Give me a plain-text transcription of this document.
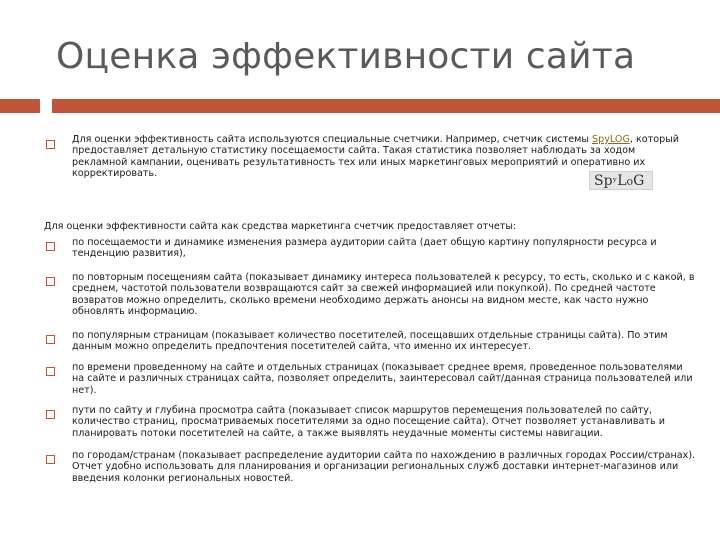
Оценка эффективности сайта
Для оценки эффективность сайта используются специальные счетчики. Например, счетчик системы SpyLOG, который предоставляет детальную статистику посещаемости сайта. Такая статистика позволяет наблюдать за ходом рекламной кампании, оценивать результативность тех или иных маркетинговых мероприятий и оперативно их корректировать.	SpʸLoG
Для оценки эффективности сайта как средства маркетинга счетчик предоставляет отчеты:
по посещаемости и динамике изменения размера аудитории сайта (дает общую картину популярности ресурса и тенденцию развития),
по повторным посещениям сайта (показывает динамику интереса пользователей к ресурсу, то есть, сколько и с какой, в среднем, частотой пользователи возвращаются сайт за свежей информацией или покупкой). По средней частоте возвратов можно определить, сколько времени необходимо держать анонсы на видном месте, как часто нужно обновлять информацию.
по популярным страницам (показывает количество посетителей, посещавших отдельные страницы сайта). По этим данным можно определить предпочтения посетителей сайта, что именно их интересует.
по времени проведенному на сайте и отдельных страницах (показывает среднее время, проведенное пользователями на сайте и различных страницах сайта, позволяет определить, заинтересовал сайт/данная страница пользователей или нет).
пути по сайту и глубина просмотра сайта (показывает список маршрутов перемещения пользователей по сайту, количество страниц, просматриваемых посетителями за одно посещение сайта). Отчет позволяет устанавливать и планировать потоки посетителей на сайте, а также выявлять неудачные моменты системы навигации.
по городам/странам (показывает распределение аудитории сайта по нахождению в различных городах России/странах). Отчет удобно использовать для планирования и организации региональных служб доставки интернет-магазинов или введения колонки региональных новостей.
